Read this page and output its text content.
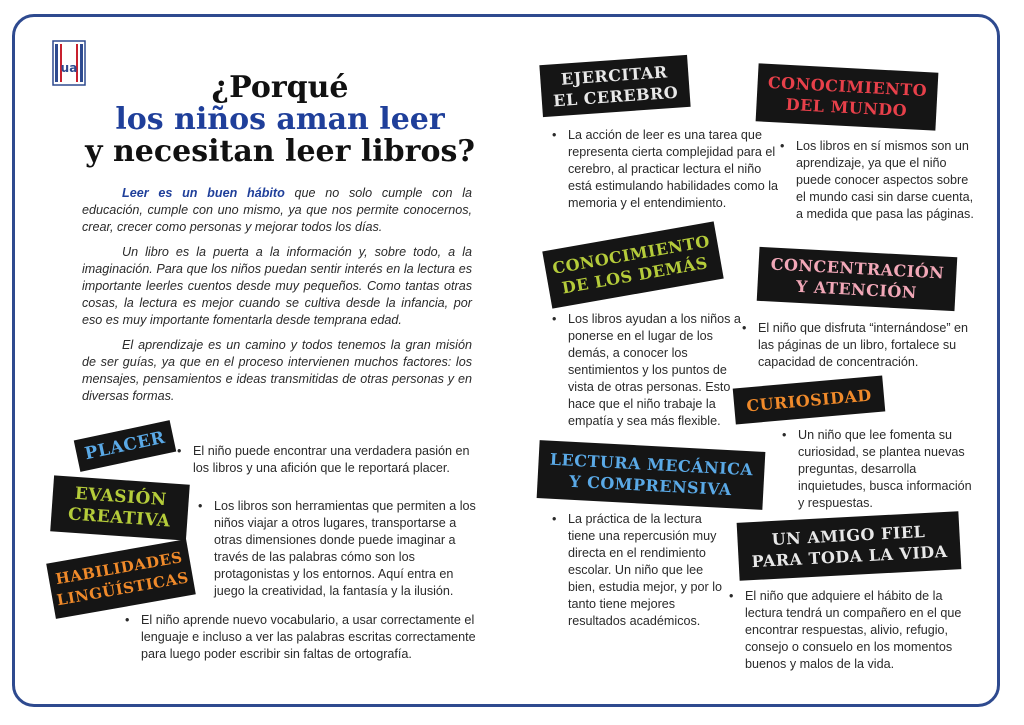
ua
¿Porqué
los niños aman leer
y necesitan leer libros?

Leer es un buen hábito que no solo cumple con la educación, cumple con uno mismo, ya que nos permite conocernos, crear, crecer como personas y mejorar todos los días.

Un libro es la puerta a la información y, sobre todo, a la imaginación. Para que los niños puedan sentir interés en la lectura es importante leerles cuentos desde muy pequeños. Como tantas otras cosas, la lectura es mejor cuando se cultiva desde la infancia, por eso es muy importante fomentarla desde temprana edad.

El aprendizaje es un camino y todos tenemos la gran misión de ser guías, ya que en el proceso intervienen muchos factores: los mensajes, pensamientos e ideas transmitidas de otras personas y en diversas formas.

PLACER	• El niño puede encontrar una verdadera pasión en los libros y una afición que le reportará placer.

EVASIÓN CREATIVA	• Los libros son herramientas que permiten a los niños viajar a otros lugares, transportarse a otras dimensiones donde puede imaginar a través de las palabras cómo son los protagonistas y los entornos. Aquí entra en juego la creatividad, la fantasía y la ilusión.

HABILIDADES LINGÜÍSTICAS

• El niño aprende nuevo vocabulario, a usar correctamente el lenguaje e incluso a ver las palabras escritas correctamente para luego poder escribir sin faltas de ortografía.

EJERCITAR EL CEREBRO

• La acción de leer es una tarea que representa cierta complejidad para el cerebro, al practicar lectura el niño está estimulando habilidades como la memoria y el entendimiento.

CONOCIMIENTO DEL MUNDO

• Los libros en sí mismos son un aprendizaje, ya que el niño puede conocer aspectos sobre el mundo casi sin darse cuenta, a medida que pasa las páginas.

CONOCIMIENTO DE LOS DEMÁS

• Los libros ayudan a los niños a ponerse en el lugar de los demás, a conocer los sentimientos y los puntos de vista de otras personas. Esto hace que el niño trabaje la empatía y sea más flexible.

CONCENTRACIÓN Y ATENCIÓN

• El niño que disfruta “internándose” en las páginas de un libro, fortalece su capacidad de concentración.

CURIOSIDAD

• Un niño que lee fomenta su curiosidad, se plantea nuevas preguntas, desarrolla inquietudes, busca información y respuestas.

LECTURA MECÁNICA Y COMPRENSIVA

• La práctica de la lectura tiene una repercusión muy directa en el rendimiento escolar. Un niño que lee bien, estudia mejor, y por lo tanto tiene mejores resultados académicos.

UN AMIGO FIEL PARA TODA LA VIDA

• El niño que adquiere el hábito de la lectura tendrá un compañero en el que encontrar respuestas, alivio, refugio, consejo o consuelo en los momentos buenos y malos de la vida.
